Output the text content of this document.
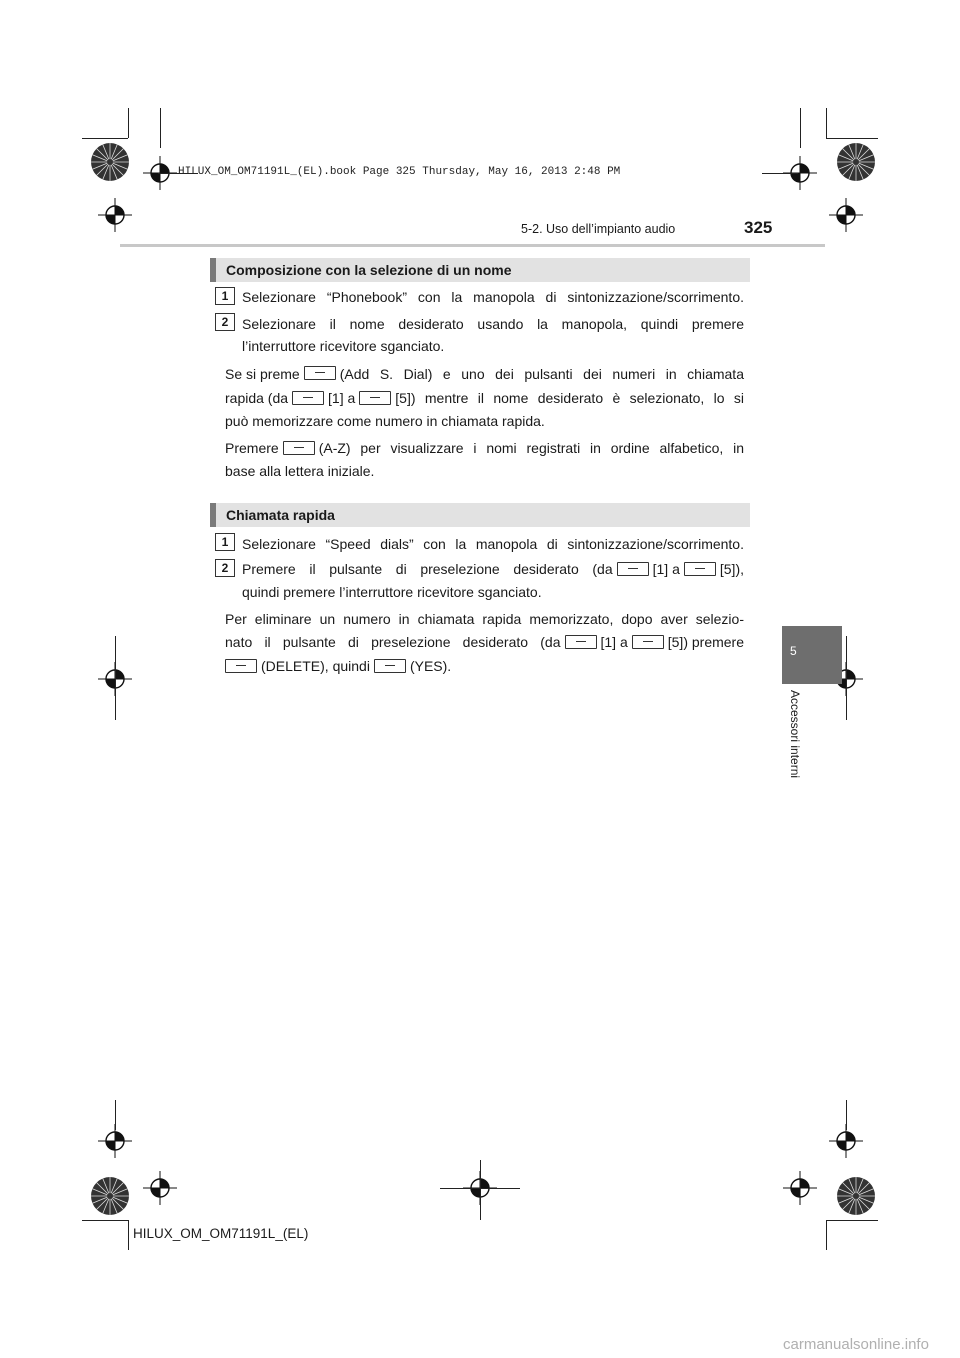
HILUX_OM_OM71191L_(EL).book Page 325 Thursday, May 16, 2013 2:48 PM
5-2. Uso dell’impianto audio	325
5
Accessori interni
Composizione con la selezione di un nome
1 Selezionare “Phonebook” con la manopola di sintonizzazione/scorrimento.
2 Selezionare il nome desiderato usando la manopola, quindi premere
l’interruttore ricevitore sganciato.
Se si preme	(Add S. Dial) e uno dei pulsanti dei numeri in chiamata
rapida (da	[1] a	[5]) mentre il nome desiderato è selezionato, lo si
può memorizzare come numero in chiamata rapida.
Premere	(A-Z) per visualizzare i nomi registrati in ordine alfabetico, in
base alla lettera iniziale.
Chiamata rapida
1 Selezionare “Speed dials” con la manopola di sintonizzazione/scorrimento.
2 Premere il pulsante di preselezione desiderato (da	[1] a	[5]),
quindi premere l’interruttore ricevitore sganciato.
Per eliminare un numero in chiamata rapida memorizzato, dopo aver selezio-
nato il pulsante di preselezione desiderato (da	[1] a	[5]) premere
(DELETE), quindi	(YES).
HILUX_OM_OM71191L_(EL)
carmanualsonline.info
